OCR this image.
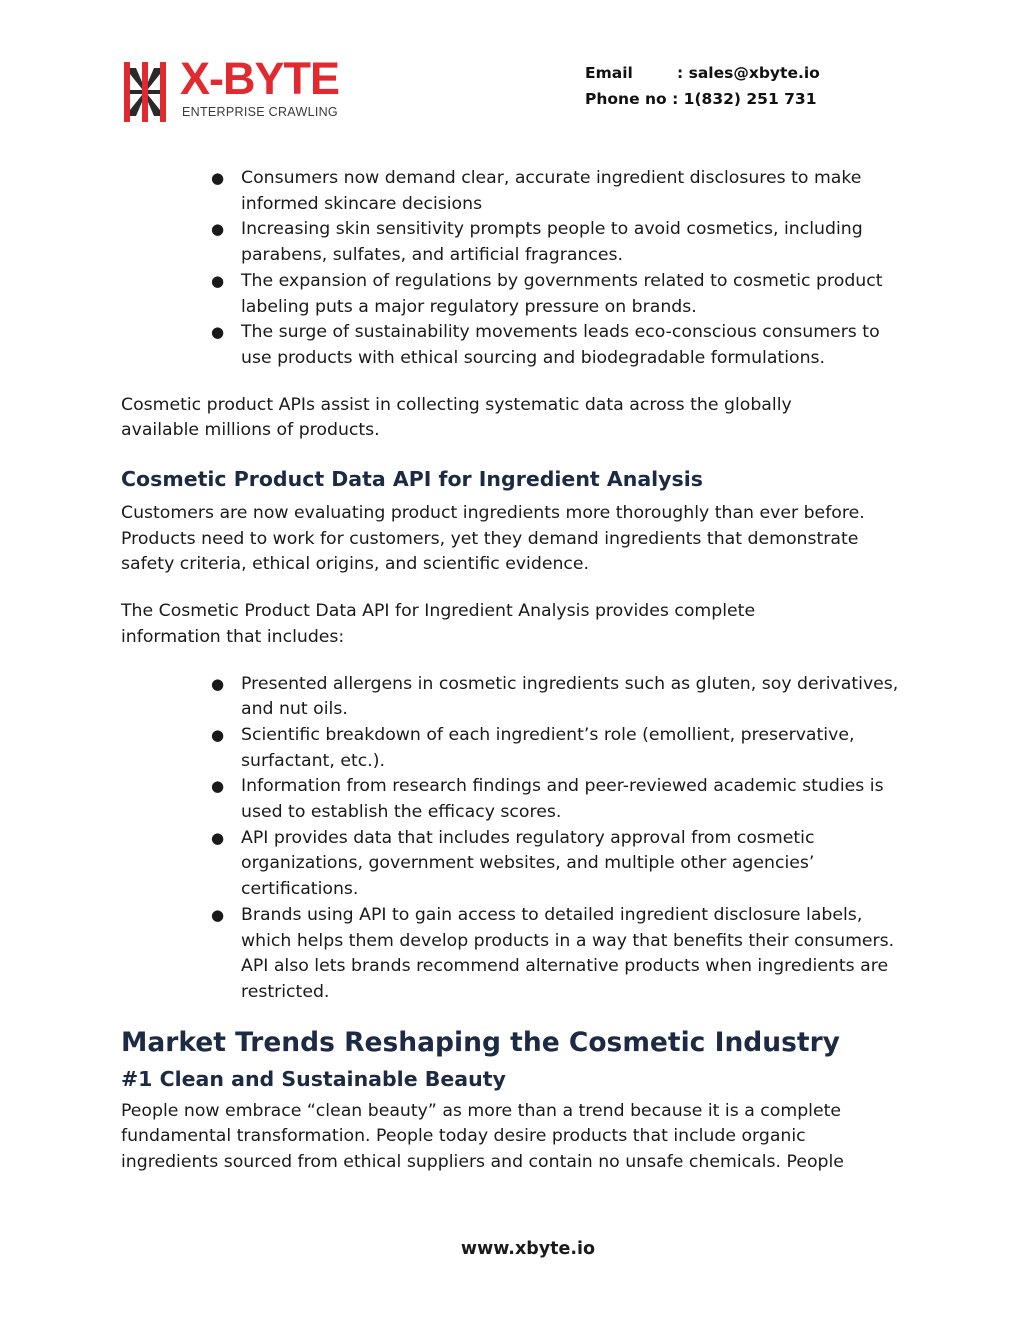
X-BYTE
ENTERPRISE CRAWLING
Email	: sales@xbyte.io
Phone no : 1(832) 251 731
● Consumers now demand clear, accurate ingredient disclosures to make informed skincare decisions
● Increasing skin sensitivity prompts people to avoid cosmetics, including parabens, sulfates, and artificial fragrances.
● The expansion of regulations by governments related to cosmetic product labeling puts a major regulatory pressure on brands.
● The surge of sustainability movements leads eco-conscious consumers to use products with ethical sourcing and biodegradable formulations.

Cosmetic product APIs assist in collecting systematic data across the globally available millions of products.

Cosmetic Product Data API for Ingredient Analysis

Customers are now evaluating product ingredients more thoroughly than ever before. Products need to work for customers, yet they demand ingredients that demonstrate safety criteria, ethical origins, and scientific evidence.

The Cosmetic Product Data API for Ingredient Analysis provides complete information that includes:

● Presented allergens in cosmetic ingredients such as gluten, soy derivatives, and nut oils.
● Scientific breakdown of each ingredient’s role (emollient, preservative, surfactant, etc.).
● Information from research findings and peer-reviewed academic studies is used to establish the efficacy scores.
● API provides data that includes regulatory approval from cosmetic organizations, government websites, and multiple other agencies’ certifications.
● Brands using API to gain access to detailed ingredient disclosure labels, which helps them develop products in a way that benefits their consumers. API also lets brands recommend alternative products when ingredients are restricted.
Market Trends Reshaping the Cosmetic Industry
#1 Clean and Sustainable Beauty

People now embrace “clean beauty” as more than a trend because it is a complete fundamental transformation. People today desire products that include organic ingredients sourced from ethical suppliers and contain no unsafe chemicals. People

www.xbyte.io
